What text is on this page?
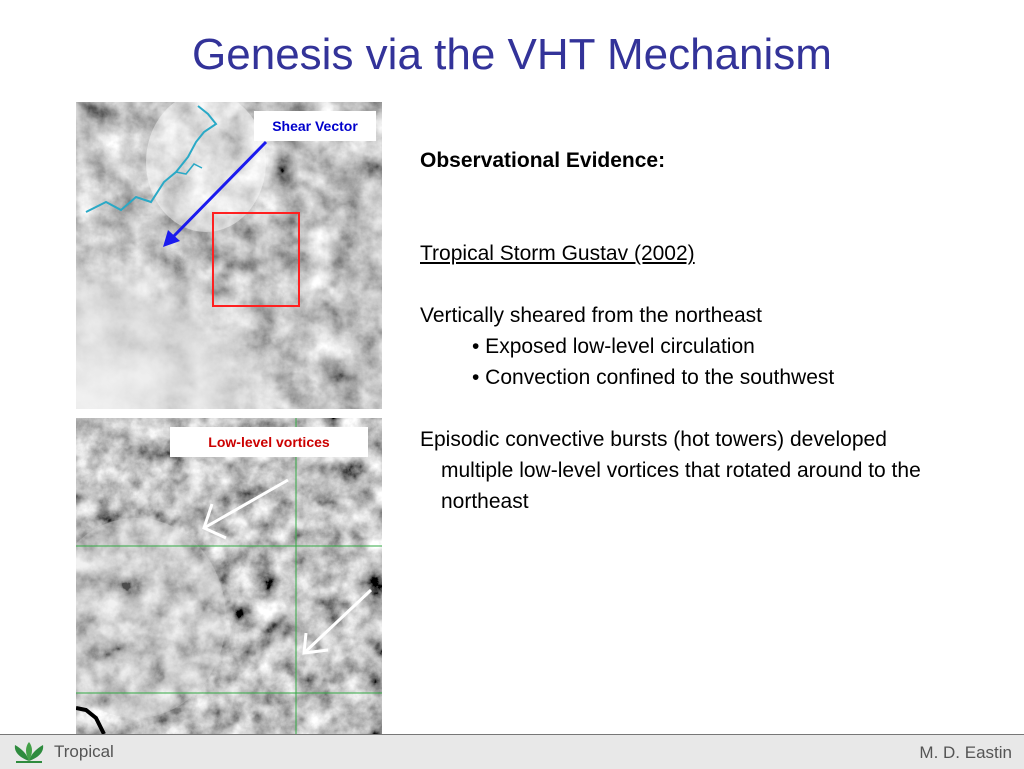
Genesis via the VHT Mechanism
Shear Vector
Low-level vortices
Observational Evidence:
Tropical Storm Gustav (2002)
Vertically sheared from the northeast
• Exposed low-level circulation
• Convection confined to the southwest
Episodic convective bursts (hot towers) developed multiple low-level vortices that rotated around to the northeast
Tropical	M. D. Eastin
